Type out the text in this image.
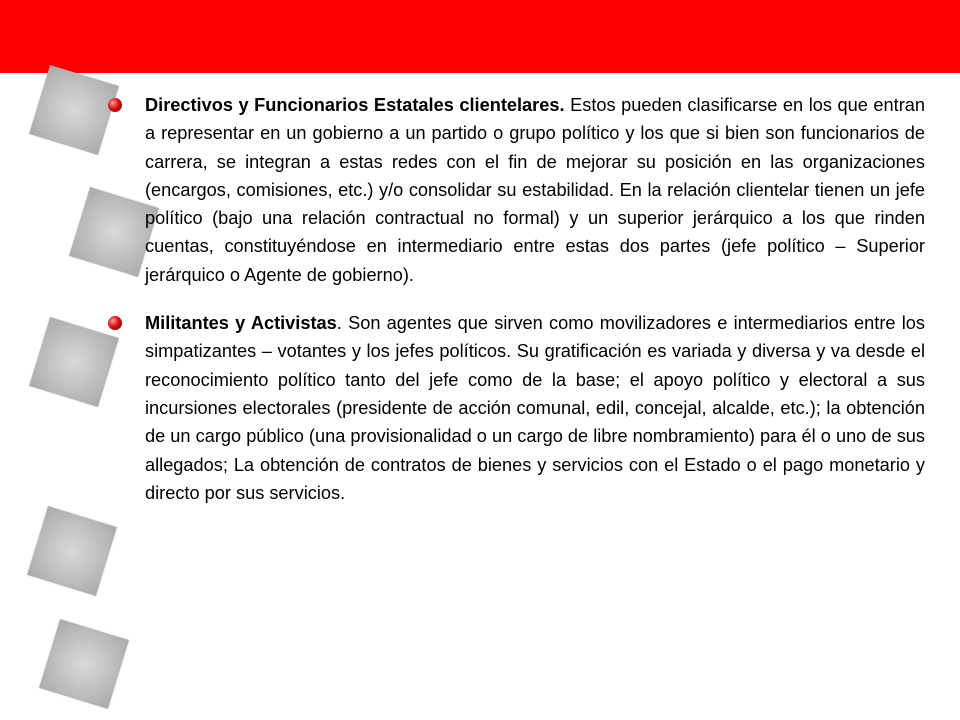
Directivos y Funcionarios Estatales clientelares. Estos pueden clasificarse en los que entran a representar en un gobierno a un partido o grupo político y los que si bien son funcionarios de carrera, se integran a estas redes con el fin de mejorar su posición en las organizaciones (encargos, comisiones, etc.) y/o consolidar su estabilidad. En la relación clientelar tienen un jefe político (bajo una relación contractual no formal) y un superior jerárquico a los que rinden cuentas, constituyéndose en intermediario entre estas dos partes (jefe político – Superior jerárquico o Agente de gobierno).

Militantes y Activistas. Son agentes que sirven como movilizadores e intermediarios entre los simpatizantes – votantes y los jefes políticos. Su gratificación es variada y diversa y va desde el reconocimiento político tanto del jefe como de la base; el apoyo político y electoral a sus incursiones electorales (presidente de acción comunal, edil, concejal, alcalde, etc.); la obtención de un cargo público (una provisionalidad o un cargo de libre nombramiento) para él o uno de sus allegados; La obtención de contratos de bienes y servicios con el Estado o el pago monetario y directo por sus servicios.
